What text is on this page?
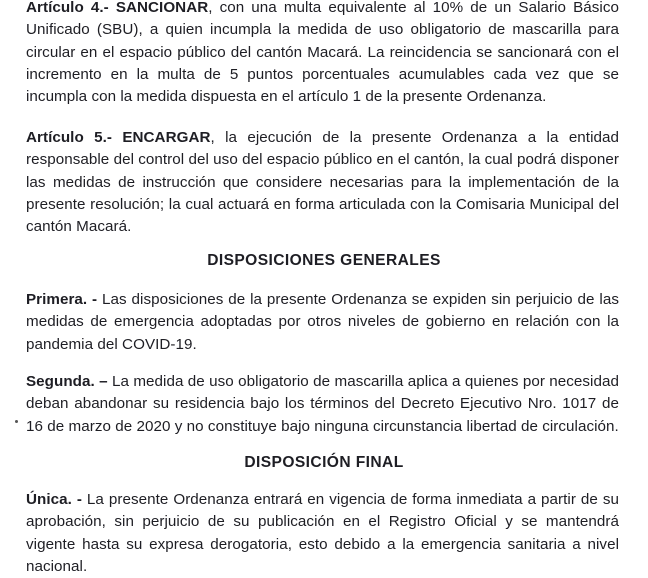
Artículo 4.- SANCIONAR, con una multa equivalente al 10% de un Salario Básico Unificado (SBU), a quien incumpla la medida de uso obligatorio de mascarilla para circular en el espacio público del cantón Macará. La reincidencia se sancionará con el incremento en la multa de 5 puntos porcentuales acumulables cada vez que se incumpla con la medida dispuesta en el artículo 1 de la presente Ordenanza.

Artículo 5.- ENCARGAR, la ejecución de la presente Ordenanza a la entidad responsable del control del uso del espacio público en el cantón, la cual podrá disponer las medidas de instrucción que considere necesarias para la implementación de la presente resolución; la cual actuará en forma articulada con la Comisaria Municipal del cantón Macará.

DISPOSICIONES GENERALES

Primera. - Las disposiciones de la presente Ordenanza se expiden sin perjuicio de las medidas de emergencia adoptadas por otros niveles de gobierno en relación con la pandemia del COVID-19.

Segunda. – La medida de uso obligatorio de mascarilla aplica a quienes por necesidad deban abandonar su residencia bajo los términos del Decreto Ejecutivo Nro. 1017 de 16 de marzo de 2020 y no constituye bajo ninguna circunstancia libertad de circulación.

DISPOSICIÓN FINAL

Única. - La presente Ordenanza entrará en vigencia de forma inmediata a partir de su aprobación, sin perjuicio de su publicación en el Registro Oficial y se mantendrá vigente hasta su expresa derogatoria, esto debido a la emergencia sanitaria a nivel nacional.
